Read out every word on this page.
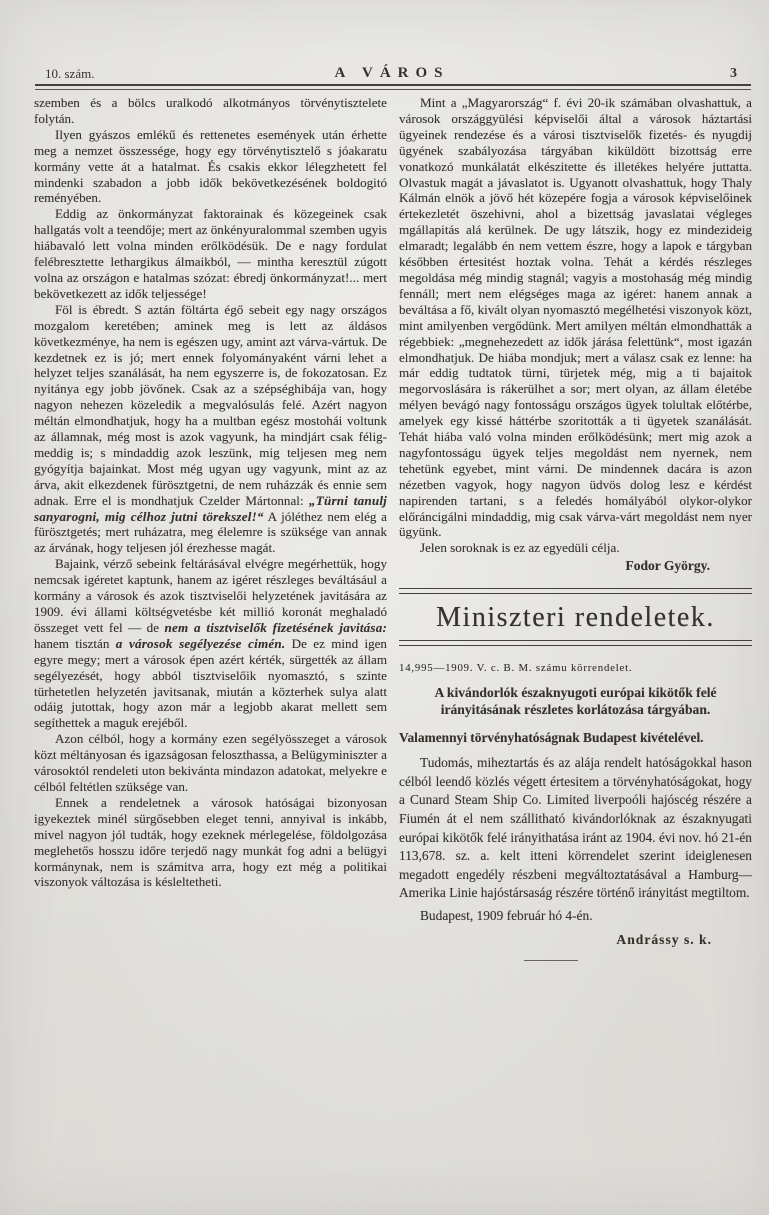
10. szám.	A VÁROS	3

szemben és a bölcs uralkodó alkotmányos törvénytisztelete folytán.

Ilyen gyászos emlékű és rettenetes események után érhette meg a nemzet összessége, hogy egy törvénytisztelő s jóakaratu kormány vette át a hatalmat. És csakis ekkor lélegzhetett fel mindenki szabadon a jobb idők bekövetkezésének boldogitó reményében.

Eddig az önkormányzat faktorainak és közegeinek csak hallgatás volt a teendője; mert az önkényuralommal szemben ugyis hiábavaló lett volna minden erőlködésük. De e nagy fordulat felébresztette lethargikus álmaikból, — mintha keresztül zúgott volna az országon e hatalmas szózat: ébredj önkormányzat!... mert bekövetkezett az idők teljessége!

Föl is ébredt. S aztán föltárta égő sebeit egy nagy országos mozgalom keretében; aminek meg is lett az áldásos következménye, ha nem is egészen ugy, amint azt várva-vártuk. De kezdetnek ez is jó; mert ennek folyományaként várni lehet a helyzet teljes szanálását, ha nem egyszerre is, de fokozatosan. Ez nyitánya egy jobb jövőnek. Csak az a szépséghibája van, hogy nagyon nehezen közeledik a megvalósulás felé. Azért nagyon méltán elmondhatjuk, hogy ha a multban egész mostohái voltunk az államnak, még most is azok vagyunk, ha mindjárt csak félig-meddig is; s mindaddig azok leszünk, mig teljesen meg nem gyógyítja bajainkat. Most még ugyan ugy vagyunk, mint az az árva, akit elkezdenek fürösztgetni, de nem ruházzák és ennie sem adnak. Erre el is mondhatjuk Czelder Mártonnal: „Türni tanulj sanyarogni, mig célhoz jutni törekszel!“ A jóléthez nem elég a fürösztgetés; mert ruházatra, meg élelemre is szüksége van annak az árvának, hogy teljesen jól érezhesse magát.

Bajaink, vérző sebeink feltárásával elvégre megérhettük, hogy nemcsak igéretet kaptunk, hanem az igéret részleges beváltásául a kormány a városok és azok tisztviselői helyzetének javitására az 1909. évi állami költségvetésbe két millió koronát meghaladó összeget vett fel — de nem a tisztviselők fizetésének javitása: hanem tisztán a városok segélyezése cimén. De ez mind igen egyre megy; mert a városok épen azért kérték, sürgették az állam segélyezését, hogy abból tisztviselőik nyomasztó, s szinte türhetetlen helyzetén javitsanak, miután a közterhek sulya alatt odáig jutottak, hogy azon már a legjobb akarat mellett sem segíthettek a maguk erejéből.

Azon célból, hogy a kormány ezen segélyösszeget a városok közt méltányosan és igazságosan feloszthassa, a Belügyminiszter a városoktól rendeleti uton bekivánta mindazon adatokat, melyekre e célból feltétlen szüksége van.

Ennek a rendeletnek a városok hatóságai bizonyosan igyekeztek minél sürgősebben eleget tenni, annyival is inkább, mivel nagyon jól tudták, hogy ezeknek mérlegelése, földolgozása meglehetős hosszu időre terjedő nagy munkát fog adni a belügyi kormánynak, nem is számitva arra, hogy ezt még a politikai viszonyok változása is késleltetheti.

Mint a „Magyarország“ f. évi 20-ik számában olvashattuk, a városok országgyülési képviselői által a városok háztartási ügyeinek rendezése és a városi tisztviselők fizetés- és nyugdij ügyének szabályozása tárgyában kiküldött bizottság erre vonatkozó munkálatát elkészitette és illetékes helyére juttatta. Olvastuk magát a jávaslatot is. Ugyanott olvashattuk, hogy Thaly Kálmán elnök a jövő hét közepére fogja a városok képviselőinek értekezletét öszehivni, ahol a bizettság javaslatai végleges mgállapitás alá kerülnek. De ugy látszik, hogy ez mindezideig elmaradt; legalább én nem vettem észre, hogy a lapok e tárgyban későbben értesitést hoztak volna. Tehát a kérdés részleges megoldása még mindig stagnál; vagyis a mostohaság még mindig fennáll; mert nem elégséges maga az igéret: hanem annak a beváltása a fő, kivált olyan nyomasztó megélhetési viszonyok közt, mint amilyenben vergődünk. Mert amilyen méltán elmondhatták a régebbiek: „megnehezedett az idők járása felettünk“, most igazán elmondhatjuk. De hiába mondjuk; mert a válasz csak ez lenne: ha már eddig tudtatok türni, türjetek még, mig a ti bajaitok megorvoslására is rákerülhet a sor; mert olyan, az állam életébe mélyen bevágó nagy fontosságu országos ügyek tolultak előtérbe, amelyek egy kissé háttérbe szoritották a ti ügyetek szanálását. Tehát hiába való volna minden erőlködésünk; mert mig azok a nagyfontosságu ügyek teljes megoldást nem nyernek, nem tehetünk egyebet, mint várni. De mindennek dacára is azon nézetben vagyok, hogy nagyon üdvös dolog lesz e kérdést napirenden tartani, s a feledés homályából olykor-olykor előráncigálni mindaddig, mig csak várva-várt megoldást nem nyer ügyünk.

Jelen soroknak is ez az egyedüli célja.

Fodor György.

Miniszteri rendeletek.

14,995—1909. V. c. B. M. számu körrendelet.

A kivándorlók északnyugoti európai kikötők felé irányitásának részletes korlátozása tárgyában.

Valamennyi törvényhatóságnak Budapest kivételével.

Tudomás, miheztartás és az alája rendelt hatóságokkal hason célból leendő közlés végett értesitem a törvényhatóságokat, hogy a Cunard Steam Ship Co. Limited liverpoóli hajóscég részére a Fiumén át el nem szállitható kivándorlóknak az északnyugati európai kikötők felé irányithatása iránt az 1904. évi nov. hó 21-én 113,678. sz. a. kelt itteni körrendelet szerint ideiglenesen megadott engedély részbeni megváltoztatásával a Hamburg—Amerika Linie hajóstársaság részére történő irányitást megtiltom.

Budapest, 1909 február hó 4-én.

Andrássy s. k.
